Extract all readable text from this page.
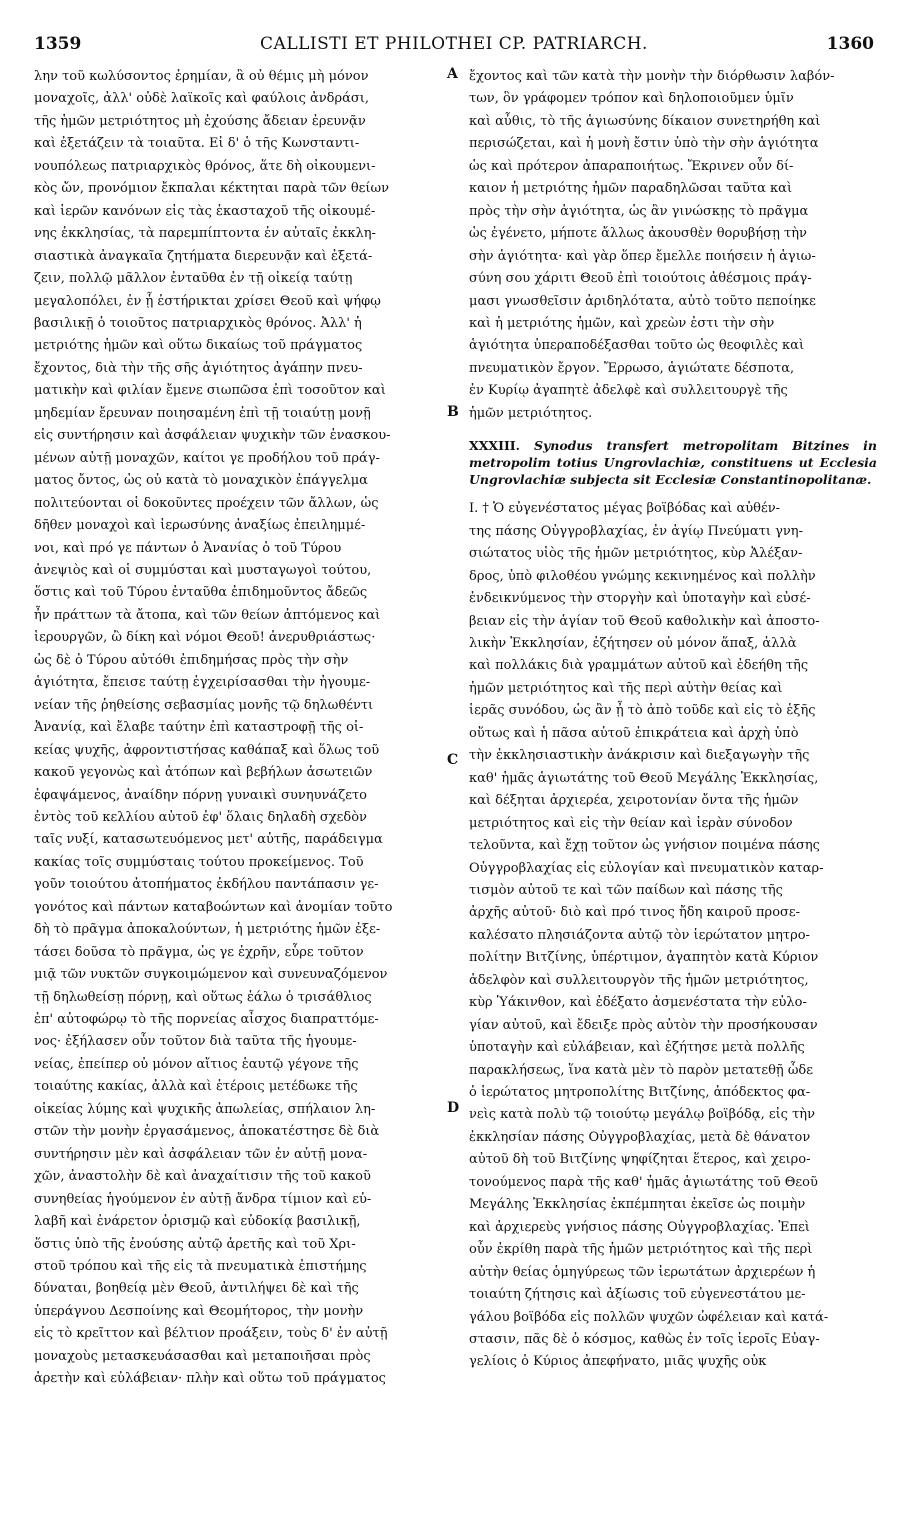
1359	CALLISTI ET PHILOTHEI CP. PATRIARCH.	1360
λην τοῦ κωλύσοντος ἐρημίαν, ἃ οὐ θέμις μὴ μόνον
μοναχοῖς, ἀλλ' οὐδὲ λαϊκοῖς καὶ φαύλοις ἀνδράσι,
τῆς ἡμῶν μετριότητος μὴ ἐχούσης ἄδειαν ἐρευνᾷν
καὶ ἐξετάζειν τὰ τοιαῦτα. Εἰ δ' ὁ τῆς Κωνσταντι-
νουπόλεως πατριαρχικὸς θρόνος, ἅτε δὴ οἰκουμενι-
κὸς ὤν, προνόμιον ἔκπαλαι κέκτηται παρὰ τῶν θείων
καὶ ἱερῶν κανόνων εἰς τὰς ἑκασταχοῦ τῆς οἰκουμέ-
νης ἐκκλησίας, τὰ παρεμπίπτοντα ἐν αὐταῖς ἐκκλη-
σιαστικὰ ἀναγκαῖα ζητήματα διερευνᾷν καὶ ἐξετά-
ζειν, πολλῷ μᾶλλον ἐνταῦθα ἐν τῇ οἰκείᾳ ταύτῃ
μεγαλοπόλει, ἐν ᾗ ἐστήρικται χρίσει Θεοῦ καὶ ψήφῳ
βασιλικῇ ὁ τοιοῦτος πατριαρχικὸς θρόνος. Ἀλλ' ἡ
μετριότης ἡμῶν καὶ οὕτω δικαίως τοῦ πράγματος
ἔχοντος, διὰ τὴν τῆς σῆς ἁγιότητος ἀγάπην πνευ-
ματικὴν καὶ φιλίαν ἔμενε σιωπῶσα ἐπὶ τοσοῦτον καὶ
μηδεμίαν ἔρευναν ποιησαμένη ἐπὶ τῇ τοιαύτῃ μονῇ
εἰς συντήρησιν καὶ ἀσφάλειαν ψυχικὴν τῶν ἐνασκου-
μένων αὐτῇ μοναχῶν, καίτοι γε προδήλου τοῦ πράγ-
ματος ὄντος, ὡς οὐ κατὰ τὸ μοναχικὸν ἐπάγγελμα
πολιτεύονται οἱ δοκοῦντες προέχειν τῶν ἄλλων, ὡς
δῆθεν μοναχοὶ καὶ ἱερωσύνης ἀναξίως ἐπειλημμέ-
νοι, καὶ πρό γε πάντων ὁ Ἀνανίας ὁ τοῦ Τύρου
ἀνεψιὸς καὶ οἱ συμμύσται καὶ μυσταγωγοὶ τούτου,
ὅστις καὶ τοῦ Τύρου ἐνταῦθα ἐπιδημοῦντος ἄδεῶς
ἦν πράττων τὰ ἄτοπα, καὶ τῶν θείων ἁπτόμενος καὶ
ἱερουργῶν, ὢ δίκη καὶ νόμοι Θεοῦ! ἀνερυθριάστως·
ὡς δὲ ὁ Τύρου αὐτόθι ἐπιδημήσας πρὸς τὴν σὴν
ἁγιότητα, ἔπεισε ταύτῃ ἐγχειρίσασθαι τὴν ἡγουμε-
νείαν τῆς ῥηθείσης σεβασμίας μονῆς τῷ δηλωθέντι
Ἀνανίᾳ, καὶ ἔλαβε ταύτην ἐπὶ καταστροφῇ τῆς οἰ-
κείας ψυχῆς, ἀφροντιστήσας καθάπαξ καὶ ὅλως τοῦ
κακοῦ γεγονὼς καὶ ἀτόπων καὶ βεβήλων ἀσωτειῶν
ἐφαψάμενος, ἀναίδην πόρνῃ γυναικὶ συνηυνάζετο
ἐντὸς τοῦ κελλίου αὐτοῦ ἐφ' ὅλαις δηλαδὴ σχεδὸν
ταῖς νυξί, κατασωτευόμενος μετ' αὐτῆς, παράδειγμα
κακίας τοῖς συμμύσταις τούτου προκείμενος. Τοῦ
γοῦν τοιούτου ἀτοπήματος ἐκδήλου παντάπασιν γε-
γονότος καὶ πάντων καταβοώντων καὶ ἀνομίαν τοῦτο
δὴ τὸ πρᾶγμα ἀποκαλούντων, ἡ μετριότης ἡμῶν ἐξε-
τάσει δοῦσα τὸ πρᾶγμα, ὡς γε ἐχρῆν, εὗρε τοῦτον
μιᾷ τῶν νυκτῶν συγκοιμώμενον καὶ συνευναζόμενον
τῇ δηλωθείσῃ πόρνῃ, καὶ οὕτως ἑάλω ὁ τρισάθλιος
ἐπ' αὐτοφώρῳ τὸ τῆς πορνείας αἶσχος διαπραττόμε-
νος· ἐξήλασεν οὖν τοῦτον διὰ ταῦτα τῆς ἡγουμε-
νείας, ἐπείπερ οὐ μόνον αἴτιος ἑαυτῷ γέγονε τῆς
τοιαύτης κακίας, ἀλλὰ καὶ ἑτέροις μετέδωκε τῆς
οἰκείας λύμης καὶ ψυχικῆς ἀπωλείας, σπήλαιον λη-
στῶν τὴν μονὴν ἐργασάμενος, ἀποκατέστησε δὲ διὰ
συντήρησιν μὲν καὶ ἀσφάλειαν τῶν ἐν αὐτῇ μονα-
χῶν, ἀναστολὴν δὲ καὶ ἀναχαίτισιν τῆς τοῦ κακοῦ
συνηθείας ἡγούμενον ἐν αὐτῇ ἄνδρα τίμιον καὶ εὐ-
λαβῆ καὶ ἐνάρετον ὁρισμῷ καὶ εὐδοκίᾳ βασιλικῇ,
ὅστις ὑπὸ τῆς ἐνούσης αὐτῷ ἀρετῆς καὶ τοῦ Χρι-
στοῦ τρόπου καὶ τῆς εἰς τὰ πνευματικὰ ἐπιστήμης
δύναται, βοηθείᾳ μὲν Θεοῦ, ἀντιλήψει δὲ καὶ τῆς
ὑπεράγνου Δεσποίνης καὶ Θεομήτορος, τὴν μονὴν
εἰς τὸ κρεῖττον καὶ βέλτιον προάξειν, τοὺς δ' ἐν αὐτῇ
μοναχοὺς μετασκευάσασθαι καὶ μεταποιῆσαι πρὸς
ἀρετὴν καὶ εὐλάβειαν· πλὴν καὶ οὕτω τοῦ πράγματος
ἔχοντος καὶ τῶν κατὰ τὴν μονὴν τὴν διόρθωσιν λαβόν-
των, ὃν γράφομεν τρόπον καὶ δηλοποιοῦμεν ὑμῖν
καὶ αὖθις, τὸ τῆς ἁγιωσύνης δίκαιον συνετηρήθη καὶ
περισώζεται, καὶ ἡ μονὴ ἔστιν ὑπὸ τὴν σὴν ἁγιότητα
ὡς καὶ πρότερον ἀπαραποιήτως. Ἔκρινεν οὖν δί-
καιον ἡ μετριότης ἡμῶν παραδηλῶσαι ταῦτα καὶ
πρὸς τὴν σὴν ἁγιότητα, ὡς ἂν γινώσκῃς τὸ πρᾶγμα
ὡς ἐγένετο, μήποτε ἄλλως ἀκουσθὲν θορυβήσῃ τὴν
σὴν ἁγιότητα· καὶ γὰρ ὅπερ ἔμελλε ποιήσειν ἡ ἁγιω-
σύνη σου χάριτι Θεοῦ ἐπὶ τοιούτοις ἀθέσμοις πράγ-
μασι γνωσθεῖσιν ἀριδηλότατα, αὐτὸ τοῦτο πεποίηκε
καὶ ἡ μετριότης ἡμῶν, καὶ χρεὼν ἐστι τὴν σὴν
ἁγιότητα ὑπεραποδέξασθαι τοῦτο ὡς θεοφιλὲς καὶ
πνευματικὸν ἔργον. Ἔρρωσο, ἁγιώτατε δέσποτα,
ἐν Κυρίῳ ἀγαπητὲ ἀδελφὲ καὶ συλλειτουργὲ τῆς
ἡμῶν μετριότητος.
XXXIII. Synodus transfert metropolitam Bitzines in metropolim totius Ungrovlachiæ, constituens ut Ecclesia Ungrovlachiæ subjecta sit Ecclesiæ Constantinopolitanæ.
I. † Ὁ εὐγενέστατος μέγας βοϊβόδας καὶ αὐθέν-
της πάσης Οὐγγροβλαχίας, ἐν ἁγίῳ Πνεύματι γνη-
σιώτατος υἱὸς τῆς ἡμῶν μετριότητος, κὺρ Ἀλέξαν-
δρος, ὑπὸ φιλοθέου γνώμης κεκινημένος καὶ πολλὴν
ἐνδεικνύμενος τὴν στοργὴν καὶ ὑποταγὴν καὶ εὐσέ-
βειαν εἰς τὴν ἁγίαν τοῦ Θεοῦ καθολικὴν καὶ ἀποστο-
λικὴν Ἐκκλησίαν, ἐζήτησεν οὐ μόνον ἅπαξ, ἀλλὰ
καὶ πολλάκις διὰ γραμμάτων αὐτοῦ καὶ ἐδεήθη τῆς
ἡμῶν μετριότητος καὶ τῆς περὶ αὐτὴν θείας καὶ
ἱερᾶς συνόδου, ὡς ἂν ᾖ τὸ ἀπὸ τοῦδε καὶ εἰς τὸ ἑξῆς
οὕτως καὶ ἡ πᾶσα αὐτοῦ ἐπικράτεια καὶ ἀρχὴ ὑπὸ
τὴν ἐκκλησιαστικὴν ἀνάκρισιν καὶ διεξαγωγὴν τῆς
καθ' ἡμᾶς ἁγιωτάτης τοῦ Θεοῦ Μεγάλης Ἐκκλησίας,
καὶ δέξηται ἀρχιερέα, χειροτονίαν ὄντα τῆς ἡμῶν
μετριότητος καὶ εἰς τὴν θείαν καὶ ἱερὰν σύνοδον
τελοῦντα, καὶ ἔχῃ τοῦτον ὡς γνήσιον ποιμένα πάσης
Οὐγγροβλαχίας εἰς εὐλογίαν καὶ πνευματικὸν καταρ-
τισμὸν αὐτοῦ τε καὶ τῶν παίδων καὶ πάσης τῆς
ἀρχῆς αὐτοῦ· διὸ καὶ πρό τινος ἤδη καιροῦ προσε-
καλέσατο πλησιάζοντα αὐτῷ τὸν ἱερώτατον μητρο-
πολίτην Βιτζίνης, ὑπέρτιμον, ἀγαπητὸν κατὰ Κύριον
ἀδελφὸν καὶ συλλειτουργὸν τῆς ἡμῶν μετριότητος,
κὺρ Ὑάκινθον, καὶ ἐδέξατο ἀσμενέστατα τὴν εὐλο-
γίαν αὐτοῦ, καὶ ἔδειξε πρὸς αὐτὸν τὴν προσήκουσαν
ὑποταγὴν καὶ εὐλάβειαν, καὶ ἐζήτησε μετὰ πολλῆς
παρακλήσεως, ἵνα κατὰ μὲν τὸ παρὸν μετατεθῇ ὧδε
ὁ ἱερώτατος μητροπολίτης Βιτζίνης, ἀπόδεκτος φα-
νεὶς κατὰ πολὺ τῷ τοιούτῳ μεγάλῳ βοϊβόδᾳ, εἰς τὴν
ἐκκλησίαν πάσης Οὐγγροβλαχίας, μετὰ δὲ θάνατον
αὐτοῦ δὴ τοῦ Βιτζίνης ψηφίζηται ἕτερος, καὶ χειρο-
τονούμενος παρὰ τῆς καθ' ἡμᾶς ἁγιωτάτης τοῦ Θεοῦ
Μεγάλης Ἐκκλησίας ἐκπέμπηται ἐκεῖσε ὡς ποιμὴν
καὶ ἀρχιερεὺς γνήσιος πάσης Οὐγγροβλαχίας. Ἐπεὶ
οὖν ἐκρίθη παρὰ τῆς ἡμῶν μετριότητος καὶ τῆς περὶ
αὐτὴν θείας ὁμηγύρεως τῶν ἱερωτάτων ἀρχιερέων ἡ
τοιαύτη ζήτησις καὶ ἀξίωσις τοῦ εὐγενεστάτου με-
γάλου βοϊβόδα εἰς πολλῶν ψυχῶν ὠφέλειαν καὶ κατά-
στασιν, πᾶς δὲ ὁ κόσμος, καθὼς ἐν τοῖς ἱεροῖς Εὐαγ-
γελίοις ὁ Κύριος ἀπεφήνατο, μιᾶς ψυχῆς οὐκ
A
B
C
D
